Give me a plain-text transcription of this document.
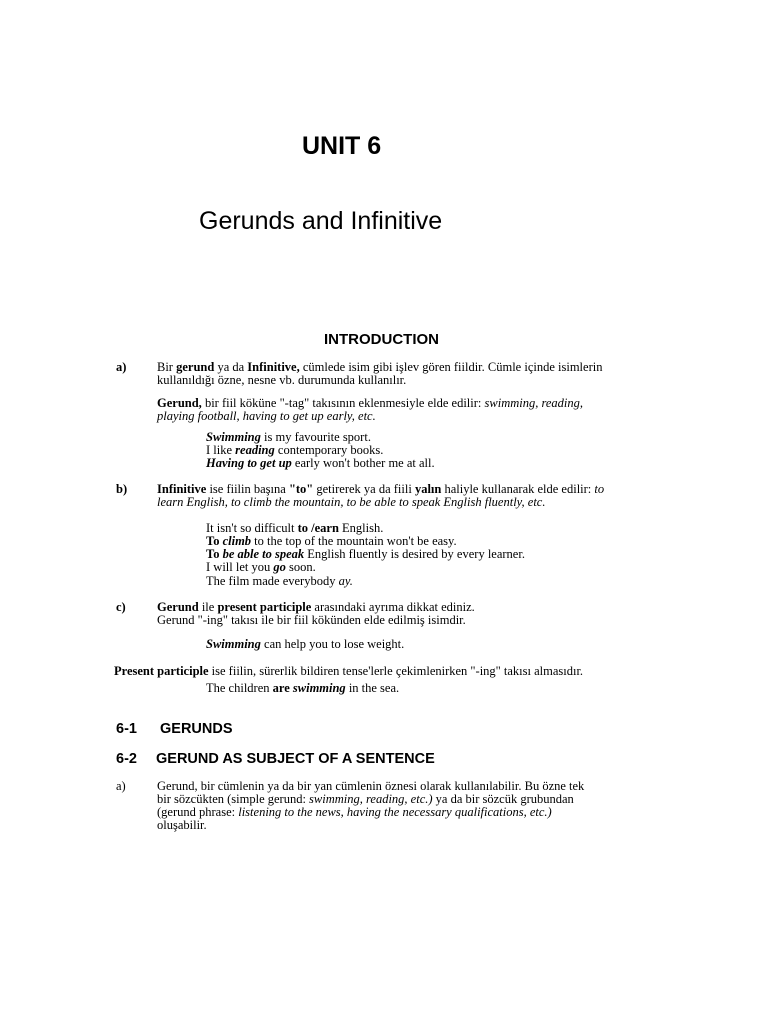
UNIT 6
Gerunds and Infinitive
INTRODUCTION
a) Bir gerund ya da Infinitive, cümlede isim gibi işlev gören fiildir. Cümle içinde isimlerin
kullanıldığı özne, nesne vb. durumunda kullanılır.
Gerund, bir fiil köküne "-tag" takısının eklenmesiyle elde edilir: swimming, reading,
playing football, having to get up early, etc.
Swimming is my favourite sport.
I like reading contemporary books.
Having to get up early won't bother me at all.
b) Infinitive ise fiilin başına "to" getirerek ya da fiili yalın haliyle kullanarak elde edilir: to
learn English, to climb the mountain, to be able to speak English fluently, etc.
It isn't so difficult to /earn English.
To climb to the top of the mountain won't be easy.
To be able to speak English fluently is desired by every learner.
I will let you go soon.
The film made everybody ay.
c)	Gerund ile present participle arasındaki ayrıma dikkat ediniz.
Gerund "-ing" takısı ile bir fiil kökünden elde edilmiş isimdir.
Swimming can help you to lose weight.
Present participle ise fiilin, sürerlik bildiren tense'lerle çekimlenirken "-ing" takısı almasıdır.
The children are swimming in the sea.
6-1 GERUNDS
6-2 GERUND AS SUBJECT OF A SENTENCE
a)	Gerund, bir cümlenin ya da bir yan cümlenin öznesi olarak kullanılabilir. Bu özne tek
bir sözcükten (simple gerund: swimming, reading, etc.) ya da bir sözcük grubundan
(gerund phrase: listening to the news, having the necessary qualifications, etc.)
oluşabilir.
